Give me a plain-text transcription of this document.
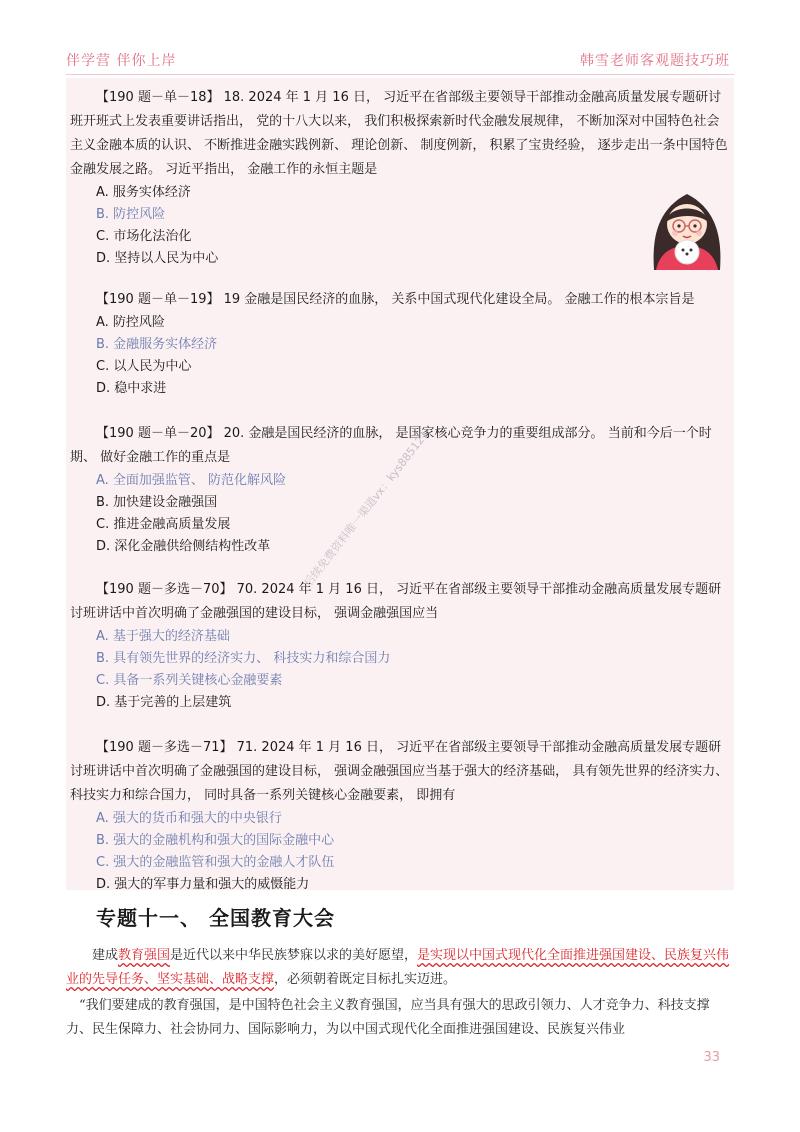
伴学营 伴你上岸	韩雪老师客观题技巧班

【190 题－单－18】 18. 2024 年 1 月 16 日， 习近平在省部级主要领导干部推动金融高质量发展专题研讨班开班式上发表重要讲话指出， 党的十八大以来， 我们积极探索新时代金融发展规律， 不断加深对中国特色社会主义金融本质的认识、 不断推进金融实践例新、 理论创新、 制度例新， 积累了宝贵经验， 逐步走出一条中国特色金融发展之路。 习近平指出， 金融工作的永恒主题是

A. 服务实体经济
B. 防控风险
C. 市场化法治化
D. 坚持以人民为中心

【190 题－单－19】 19 金融是国民经济的血脉， 关系中国式现代化建设全局。 金融工作的根本宗旨是

A. 防控风险
B. 金融服务实体经济
C. 以人民为中心
D. 稳中求进

【190 题－单－20】 20. 金融是国民经济的血脉， 是国家核心竞争力的重要组成部分。 当前和今后一个时期、 做好金融工作的重点是

A. 全面加强监管、 防范化解风险
B. 加快建设金融强国
C. 推进金融高质量发展
D. 深化金融供给侧结构性改革

【190 题－多选－70】 70. 2024 年 1 月 16 日， 习近平在省部级主要领导干部推动金融高质量发展专题研讨班讲话中首次明确了金融强国的建设目标， 强调金融强国应当

A. 基于强大的经济基础
B. 具有领先世界的经济实力、 科技实力和综合国力
C. 具备一系列关键核心金融要素
D. 基于完善的上层建筑

【190 题－多选－71】 71. 2024 年 1 月 16 日， 习近平在省部级主要领导干部推动金融高质量发展专题研讨班讲话中首次明确了金融强国的建设目标， 强调金融强国应当基于强大的经济基础， 具有领先世界的经济实力、 科技实力和综合国力， 同时具备一系列关键核心金融要素， 即拥有

A. 强大的货币和强大的中央银行
B. 强大的金融机构和强大的国际金融中心
C. 强大的金融监管和强大的金融人才队伍
D. 强大的军事力量和强大的威慑能力
后续免费资料唯一渠道vx：kys885121
专题十一、 全国教育大会
建成教育强国是近代以来中华民族梦寐以求的美好愿望，是实现以中国式现代化全面推进强国建设、民族复兴伟业的先导任务、坚实基础、战略支撑，必须朝着既定目标扎实迈进。
“我们要建成的教育强国，是中国特色社会主义教育强国，应当具有强大的思政引领力、人才竞争力、科技支撑力、民生保障力、社会协同力、国际影响力，为以中国式现代化全面推进强国建设、民族复兴伟业
33
